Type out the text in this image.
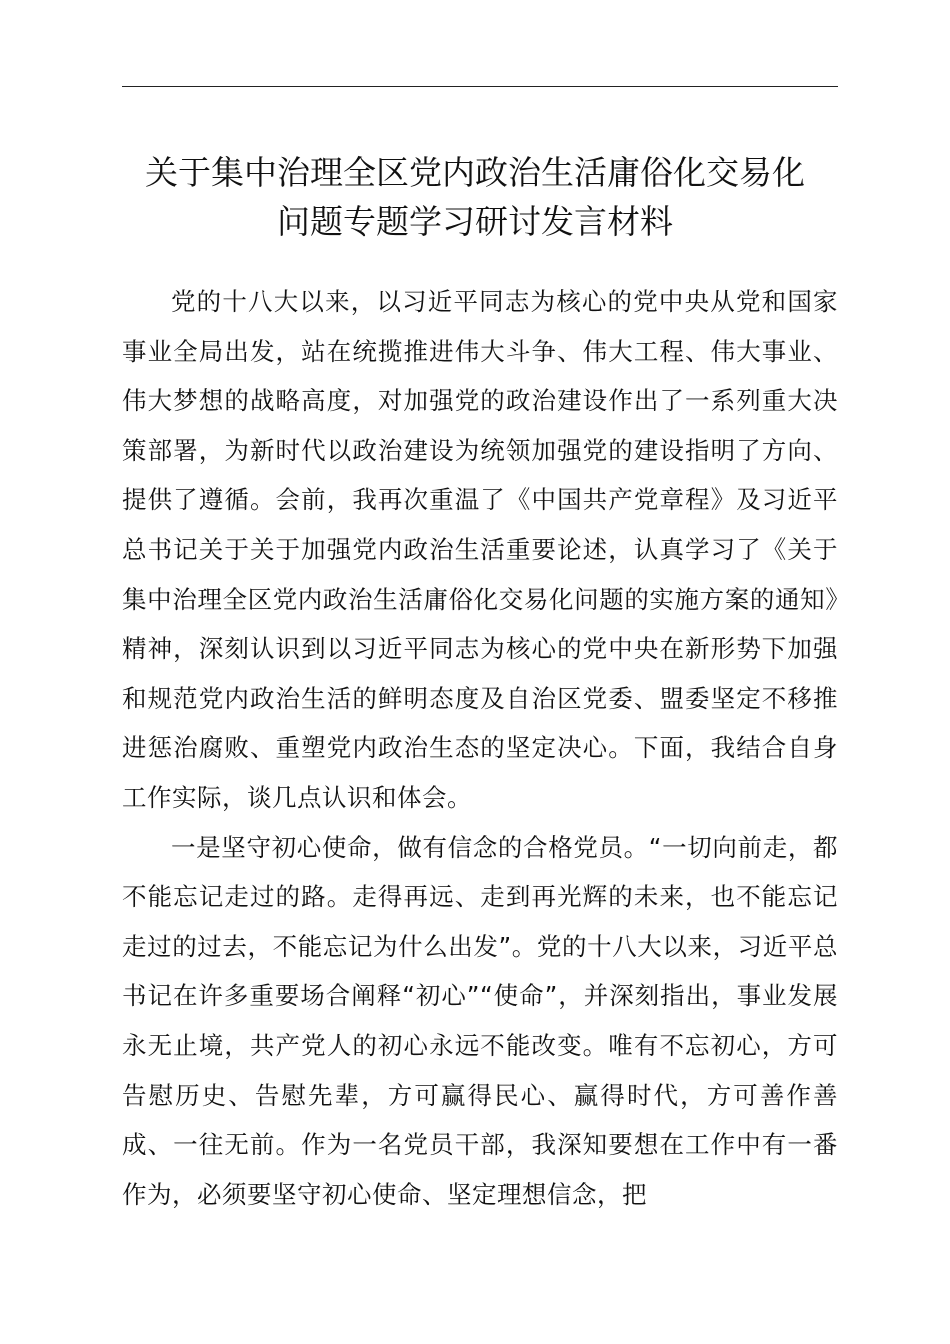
关于集中治理全区党内政治生活庸俗化交易化
问题专题学习研讨发言材料

党的十八大以来，以习近平同志为核心的党中央从党和国家事业全局出发，站在统揽推进伟大斗争、伟大工程、伟大事业、伟大梦想的战略高度，对加强党的政治建设作出了一系列重大决策部署，为新时代以政治建设为统领加强党的建设指明了方向、提供了遵循。会前，我再次重温了《中国共产党章程》及习近平总书记关于关于加强党内政治生活重要论述，认真学习了《关于集中治理全区党内政治生活庸俗化交易化问题的实施方案的通知》精神，深刻认识到以习近平同志为核心的党中央在新形势下加强和规范党内政治生活的鲜明态度及自治区党委、盟委坚定不移推进惩治腐败、重塑党内政治生态的坚定决心。下面，我结合自身工作实际，谈几点认识和体会。

一是坚守初心使命，做有信念的合格党员。“一切向前走，都不能忘记走过的路。走得再远、走到再光辉的未来，也不能忘记走过的过去，不能忘记为什么出发”。党的十八大以来，习近平总书记在许多重要场合阐释“初心”“使命”，并深刻指出，事业发展永无止境，共产党人的初心永远不能改变。唯有不忘初心，方可告慰历史、告慰先辈，方可赢得民心、赢得时代，方可善作善成、一往无前。作为一名党员干部，我深知要想在工作中有一番作为，必须要坚守初心使命、坚定理想信念，把
